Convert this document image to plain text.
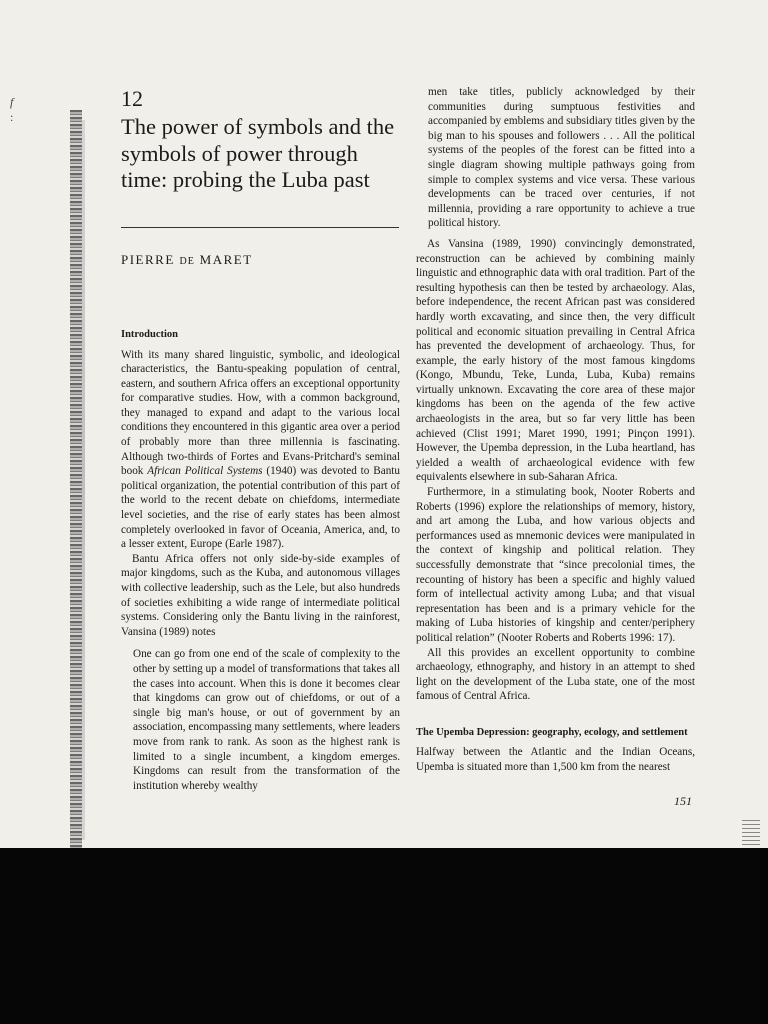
f
:
12
The power of symbols and the symbols of power through time: probing the Luba past
PIERRE DE MARET
Introduction

With its many shared linguistic, symbolic, and ideological characteristics, the Bantu-speaking population of central, eastern, and southern Africa offers an exceptional opportunity for comparative studies. How, with a common background, they managed to expand and adapt to the various local conditions they encountered in this gigantic area over a period of probably more than three millennia is fascinating. Although two-thirds of Fortes and Evans-Pritchard's seminal book African Political Systems (1940) was devoted to Bantu political organization, the potential contribution of this part of the world to the recent debate on chiefdoms, intermediate level societies, and the rise of early states has been almost completely overlooked in favor of Oceania, America, and, to a lesser extent, Europe (Earle 1987).

Bantu Africa offers not only side-by-side examples of major kingdoms, such as the Kuba, and autonomous villages with collective leadership, such as the Lele, but also hundreds of societies exhibiting a wide range of intermediate political systems. Considering only the Bantu living in the rainforest, Vansina (1989) notes

One can go from one end of the scale of complexity to the other by setting up a model of transformations that takes all the cases into account. When this is done it becomes clear that kingdoms can grow out of chiefdoms, or out of a single big man's house, or out of government by an association, encompassing many settlements, where leaders move from rank to rank. As soon as the highest rank is limited to a single incumbent, a kingdom emerges. Kingdoms can result from the transformation of the institution whereby wealthy

men take titles, publicly acknowledged by their communities during sumptuous festivities and accompanied by emblems and subsidiary titles given by the big man to his spouses and followers . . . All the political systems of the peoples of the forest can be fitted into a single diagram showing multiple pathways going from simple to complex systems and vice versa. These various developments can be traced over centuries, if not millennia, providing a rare opportunity to achieve a true political history.

As Vansina (1989, 1990) convincingly demonstrated, reconstruction can be achieved by combining mainly linguistic and ethnographic data with oral tradition. Part of the resulting hypothesis can then be tested by archaeology. Alas, before independence, the recent African past was considered hardly worth excavating, and since then, the very difficult political and economic situation prevailing in Central Africa has prevented the development of archaeology. Thus, for example, the early history of the most famous kingdoms (Kongo, Mbundu, Teke, Lunda, Luba, Kuba) remains virtually unknown. Excavating the core area of these major kingdoms has been on the agenda of the few active archaeologists in the area, but so far very little has been achieved (Clist 1991; Maret 1990, 1991; Pinçon 1991). However, the Upemba depression, in the Luba heartland, has yielded a wealth of archaeological evidence with few equivalents elsewhere in sub-Saharan Africa.

Furthermore, in a stimulating book, Nooter Roberts and Roberts (1996) explore the relationships of memory, history, and art among the Luba, and how various objects and performances used as mnemonic devices were manipulated in the context of kingship and political relation. They successfully demonstrate that “since precolonial times, the recounting of history has been a specific and highly valued form of intellectual activity among Luba; and that visual representation has been and is a primary vehicle for the making of Luba histories of kingship and center/periphery political relation” (Nooter Roberts and Roberts 1996: 17).

All this provides an excellent opportunity to combine archaeology, ethnography, and history in an attempt to shed light on the development of the Luba state, one of the most famous of Central Africa.

The Upemba Depression: geography, ecology, and settlement

Halfway between the Atlantic and the Indian Oceans, Upemba is situated more than 1,500 km from the nearest

151
